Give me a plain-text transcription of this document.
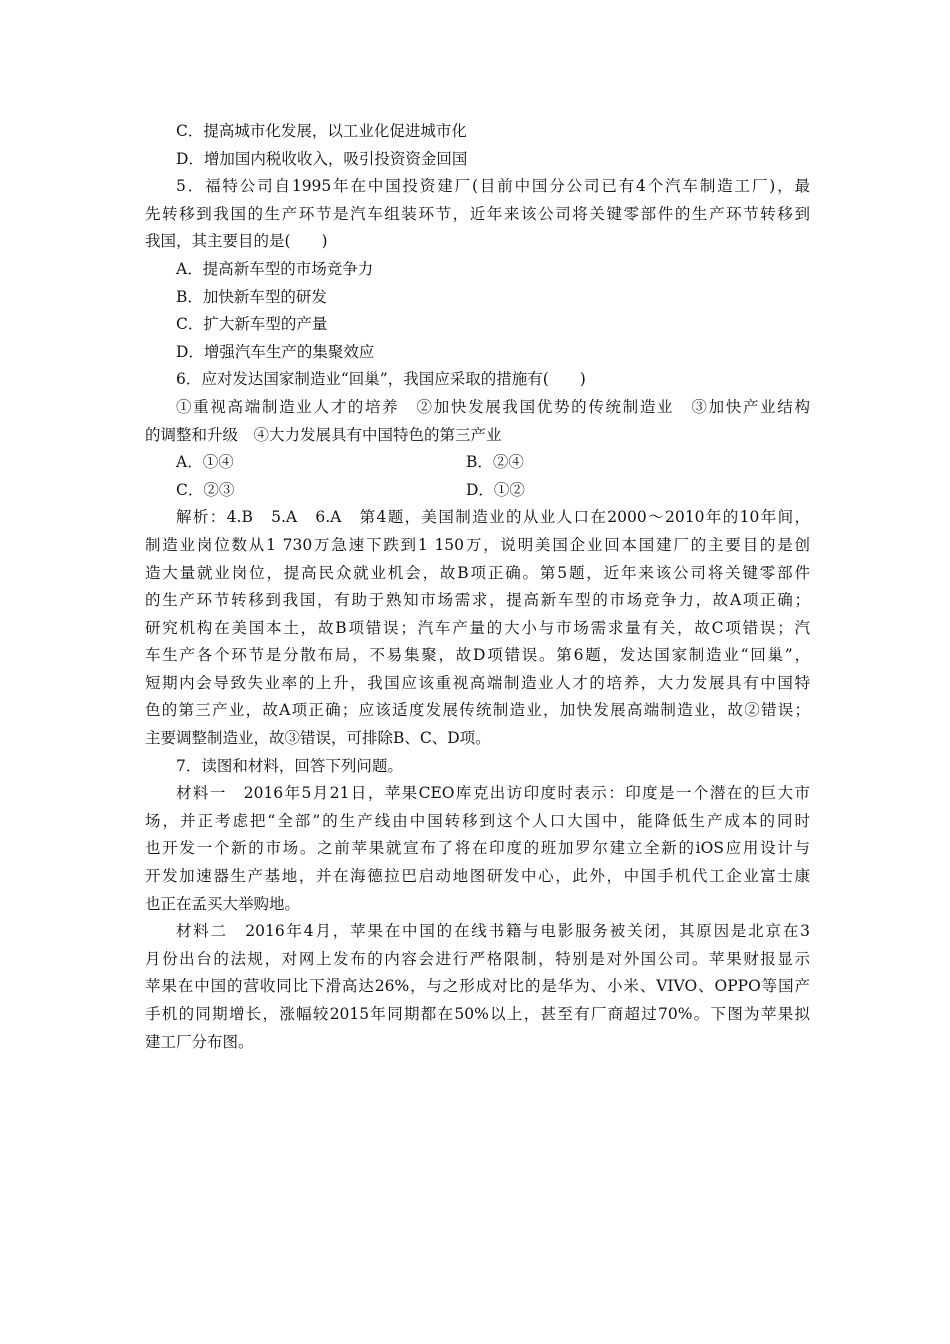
C．提高城市化发展，以工业化促进城市化

D．增加国内税收收入，吸引投资资金回国

5．福特公司自1995年在中国投资建厂(目前中国分公司已有4个汽车制造工厂)，最

先转移到我国的生产环节是汽车组装环节，近年来该公司将关键零部件的生产环节转移到

我国，其主要目的是(　　)

A．提高新车型的市场竞争力

B．加快新车型的研发

C．扩大新车型的产量

D．增强汽车生产的集聚效应

6．应对发达国家制造业“回巢”，我国应采取的措施有(　　)

①重视高端制造业人才的培养　②加快发展我国优势的传统制造业　③加快产业结构

的调整和升级　④大力发展具有中国特色的第三产业

A．①④	B．②④
C．②③	D．①②

解析：4.B　5.A　6.A　第4题，美国制造业的从业人口在2000～2010年的10年间，

制造业岗位数从1 730万急速下跌到1 150万，说明美国企业回本国建厂的主要目的是创

造大量就业岗位，提高民众就业机会，故B项正确。第5题，近年来该公司将关键零部件

的生产环节转移到我国，有助于熟知市场需求，提高新车型的市场竞争力，故A项正确；

研究机构在美国本土，故B项错误；汽车产量的大小与市场需求量有关，故C项错误；汽

车生产各个环节是分散布局，不易集聚，故D项错误。第6题，发达国家制造业“回巢”，

短期内会导致失业率的上升，我国应该重视高端制造业人才的培养，大力发展具有中国特

色的第三产业，故A项正确；应该适度发展传统制造业，加快发展高端制造业，故②错误；

主要调整制造业，故③错误，可排除B、C、D项。

7．读图和材料，回答下列问题。

材料一　2016年5月21日，苹果CEO库克出访印度时表示：印度是一个潜在的巨大市

场，并正考虑把“全部”的生产线由中国转移到这个人口大国中，能降低生产成本的同时

也开发一个新的市场。之前苹果就宣布了将在印度的班加罗尔建立全新的iOS应用设计与

开发加速器生产基地，并在海德拉巴启动地图研发中心，此外，中国手机代工企业富士康

也正在孟买大举购地。

材料二　2016年4月，苹果在中国的在线书籍与电影服务被关闭，其原因是北京在3

月份出台的法规，对网上发布的内容会进行严格限制，特别是对外国公司。苹果财报显示

苹果在中国的营收同比下滑高达26%，与之形成对比的是华为、小米、VIVO、OPPO等国产

手机的同期增长，涨幅较2015年同期都在50%以上，甚至有厂商超过70%。下图为苹果拟

建工厂分布图。
